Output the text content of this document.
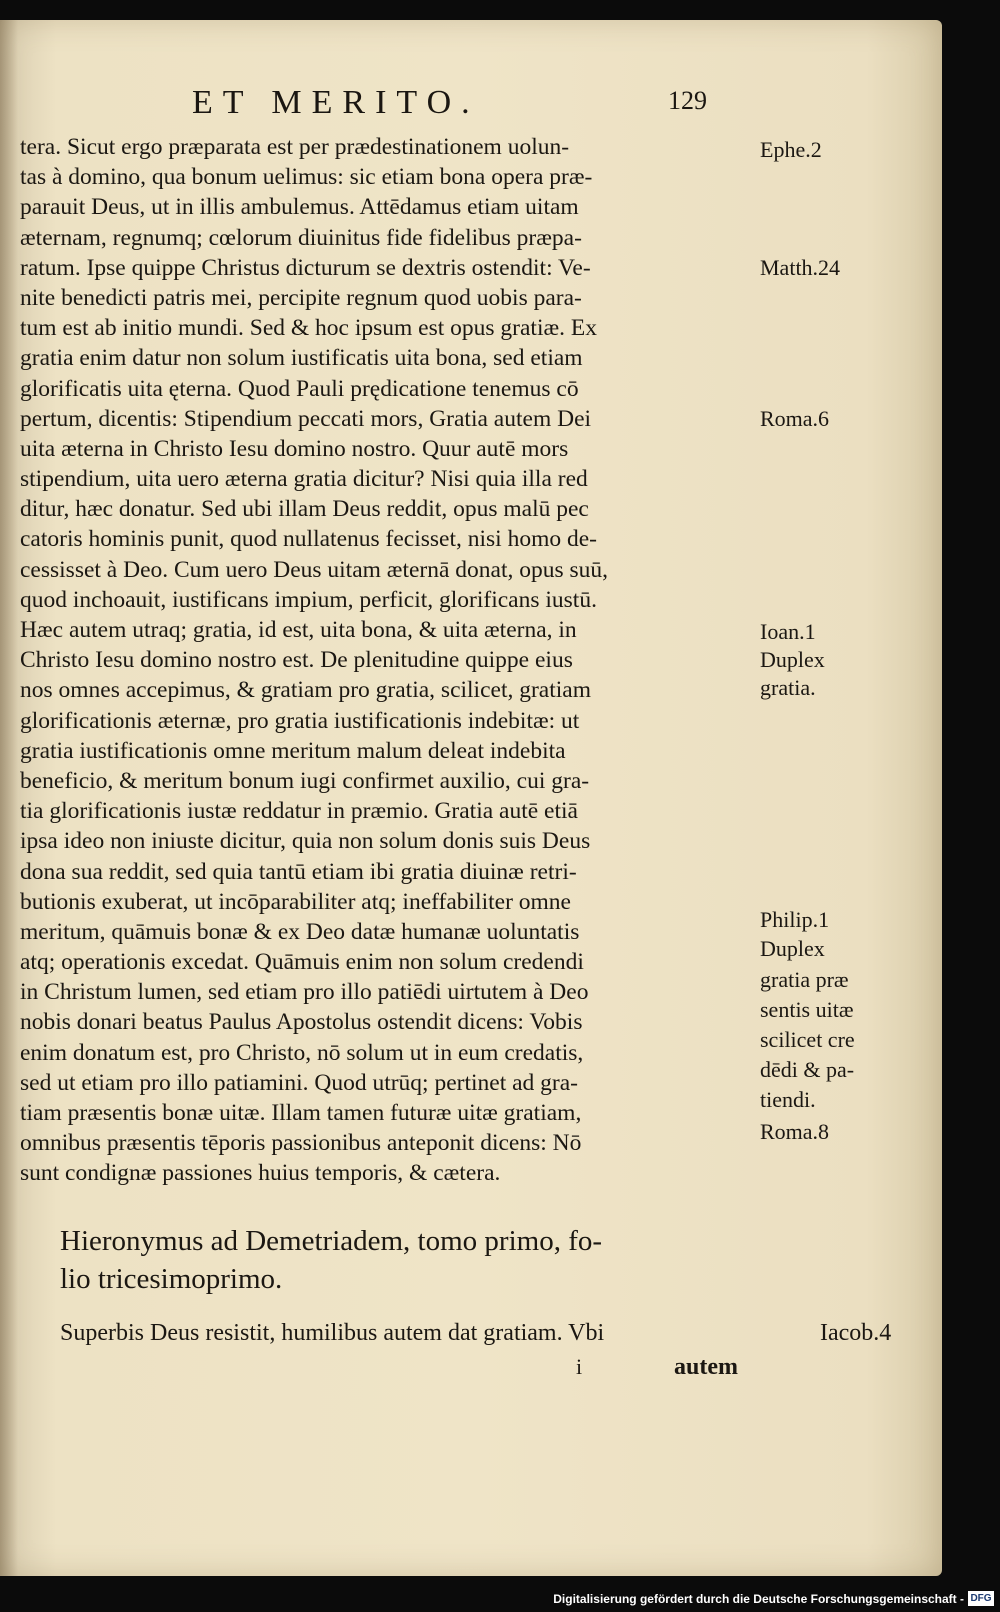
ET MERITO.	129
tera. Sicut ergo præparata est per prædestinationem uolun-
tas à domino, qua bonum uelimus: sic etiam bona opera præ-
parauit Deus, ut in illis ambulemus. Attēdamus etiam uitam
æternam, regnumq; cœlorum diuinitus fide fidelibus præpa-
ratum. Ipse quippe Christus dicturum se dextris ostendit: Ve-
nite benedicti patris mei, percipite regnum quod uobis para-
tum est ab initio mundi. Sed & hoc ipsum est opus gratiæ. Ex
gratia enim datur non solum iustificatis uita bona, sed etiam
glorificatis uita ęterna. Quod Pauli prędicatione tenemus cō
pertum, dicentis: Stipendium peccati mors, Gratia autem Dei
uita æterna in Christo Iesu domino nostro. Quur autē mors
stipendium, uita uero æterna gratia dicitur? Nisi quia illa red
ditur, hæc donatur. Sed ubi illam Deus reddit, opus malū pec
catoris hominis punit, quod nullatenus fecisset, nisi homo de-
cessisset à Deo. Cum uero Deus uitam æternā donat, opus suū,
quod inchoauit, iustificans impium, perficit, glorificans iustū.
Hæc autem utraq; gratia, id est, uita bona, & uita æterna, in
Christo Iesu domino nostro est. De plenitudine quippe eius
nos omnes accepimus, & gratiam pro gratia, scilicet, gratiam
glorificationis æternæ, pro gratia iustificationis indebitæ: ut
gratia iustificationis omne meritum malum deleat indebita
beneficio, & meritum bonum iugi confirmet auxilio, cui gra-
tia glorificationis iustæ reddatur in præmio. Gratia autē etiā
ipsa ideo non iniuste dicitur, quia non solum donis suis Deus
dona sua reddit, sed quia tantū etiam ibi gratia diuinæ retri-
butionis exuberat, ut incōparabiliter atq; ineffabiliter omne
meritum, quāmuis bonæ & ex Deo datæ humanæ uoluntatis
atq; operationis excedat. Quāmuis enim non solum credendi
in Christum lumen, sed etiam pro illo patiēdi uirtutem à Deo
nobis donari beatus Paulus Apostolus ostendit dicens: Vobis
enim donatum est, pro Christo, nō solum ut in eum credatis,
sed ut etiam pro illo patiamini. Quod utrūq; pertinet ad gra-
tiam præsentis bonæ uitæ. Illam tamen futuræ uitæ gratiam,
omnibus præsentis tēporis passionibus anteponit dicens: Nō
sunt condignæ passiones huius temporis, & cætera.
Ephe.2
Matth.24
Roma.6
Ioan.1
Duplex
gratia.
Philip.1
Duplex
gratia præ
sentis uitæ
scilicet cre
dēdi & pa-
tiendi.
Roma.8
Hieronymus ad Demetriadem, tomo primo, fo-
lio tricesimoprimo.
Superbis Deus resistit, humilibus autem dat gratiam. Vbi	Iacob.4
i	autem
Digitalisierung gefördert durch die Deutsche Forschungsgemeinschaft - DFG
